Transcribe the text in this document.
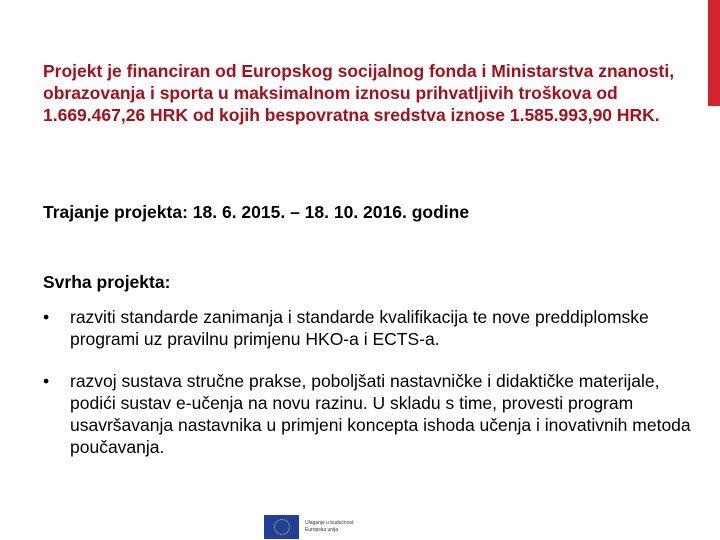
Projekt je financiran od Europskog socijalnog fonda i Ministarstva znanosti, obrazovanja i sporta u maksimalnom iznosu prihvatljivih troškova od 1.669.467,26 HRK od kojih bespovratna sredstva iznose 1.585.993,90 HRK.
Trajanje projekta: 18. 6. 2015. – 18. 10. 2016. godine
Svrha projekta:
• razviti standarde zanimanja i standarde kvalifikacija te nove preddiplomske programi uz pravilnu primjenu HKO-a i ECTS-a.
• razvoj sustava stručne prakse, poboljšati nastavničke i didaktičke materijale, podići sustav e-učenja na novu razinu. U skladu s time, provesti program usavršavanja nastavnika u primjeni koncepta ishoda učenja i inovativnih metoda poučavanja.
Ulaganje u budućnost
Europska unija
